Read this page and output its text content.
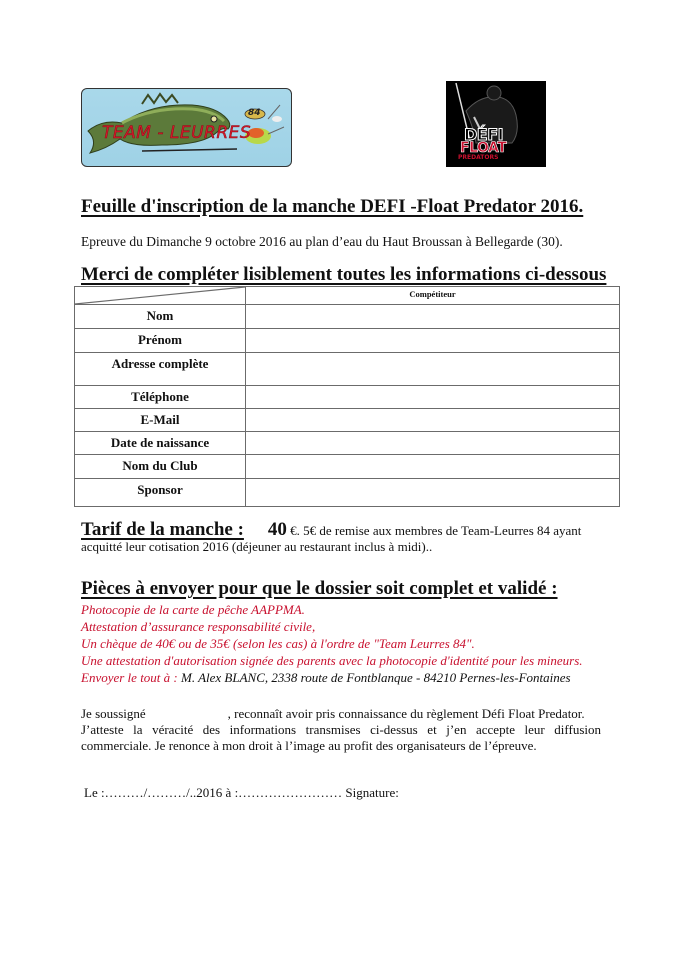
TEAM - LEURRES
84
DÉFI
FLOAT
PREDATORS
Feuille d'inscription de la manche DEFI -Float Predator 2016.
Epreuve du Dimanche 9 octobre 2016 au plan d’eau du Haut Broussan à Bellegarde (30).
Merci de compléter lisiblement toutes les informations ci-dessous
	Compétiteur
Nom	
Prénom	
Adresse complète	
Téléphone	
E-Mail	
Date de naissance	
Nom du Club	
Sponsor	
Tarif de la manche : 40 €. 5€ de remise aux membres de Team-Leurres 84 ayant acquitté leur cotisation 2016 (déjeuner au restaurant inclus à midi)..
Pièces à envoyer pour que le dossier soit complet et validé :
Photocopie de la carte de pêche AAPPMA.
Attestation d’assurance responsabilité civile,
Un chèque de 40€ ou de 35€ (selon les cas) à l'ordre de "Team Leurres 84".
Une attestation d'autorisation signée des parents avec la photocopie d'identité pour les mineurs.
Envoyer le tout à : M. Alex BLANC, 2338 route de Fontblanque - 84210 Pernes-les-Fontaines

Je soussigné	, reconnaît avoir pris connaissance du règlement Défi Float Predator.

J’atteste la véracité des informations transmises ci-dessus et j’en accepte leur diffusion commerciale. Je renonce à mon droit à l’image au profit des organisateurs de l’épreuve.

Le :………/………/..2016 à :…………………… Signature:
